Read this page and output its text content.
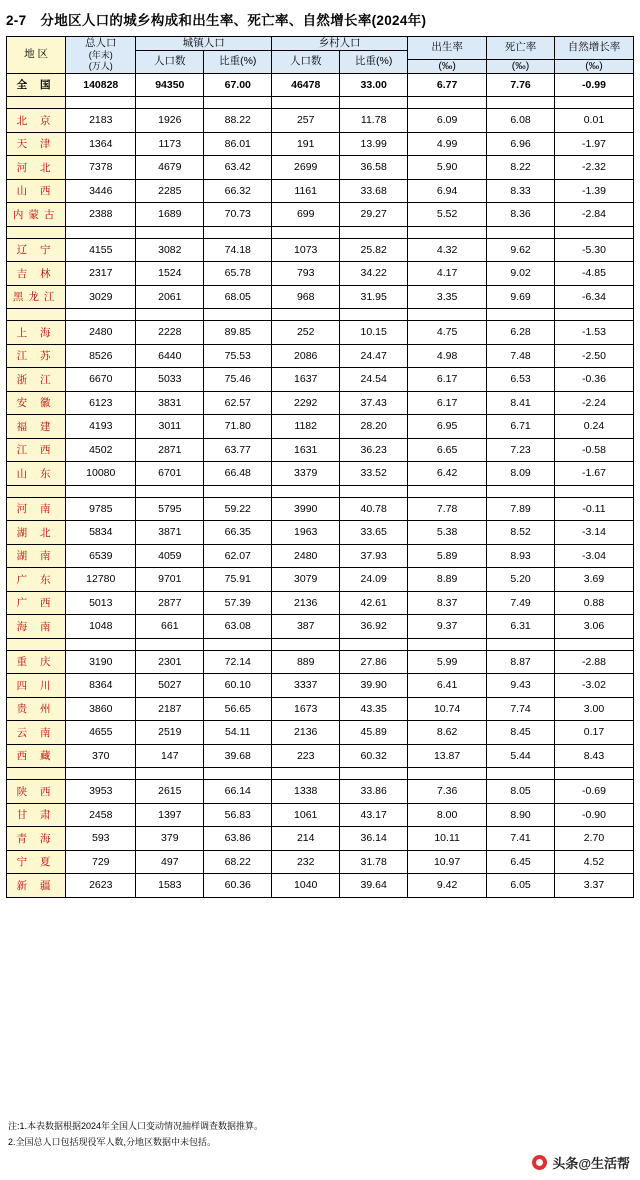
2-7 分地区人口的城乡构成和出生率、死亡率、自然增长率(2024年)
地 区	总人口
(年末)
(万人)	城镇人口		乡村人口		出生率	死亡率	自然增长率
		人口数	比重(%)	人口数	比重(%)			
						(‰)	(‰)	(‰)
全 国	140828	94350	67.00	46478	33.00	6.77	7.76	-0.99

北 京	2183	1926	88.22	257	11.78	6.09	6.08	0.01
天 津	1364	1173	86.01	191	13.99	4.99	6.96	-1.97
河 北	7378	4679	63.42	2699	36.58	5.90	8.22	-2.32
山 西	3446	2285	66.32	1161	33.68	6.94	8.33	-1.39
内蒙古	2388	1689	70.73	699	29.27	5.52	8.36	-2.84

辽 宁	4155	3082	74.18	1073	25.82	4.32	9.62	-5.30
吉 林	2317	1524	65.78	793	34.22	4.17	9.02	-4.85
黑龙江	3029	2061	68.05	968	31.95	3.35	9.69	-6.34

上 海	2480	2228	89.85	252	10.15	4.75	6.28	-1.53
江 苏	8526	6440	75.53	2086	24.47	4.98	7.48	-2.50
浙 江	6670	5033	75.46	1637	24.54	6.17	6.53	-0.36
安 徽	6123	3831	62.57	2292	37.43	6.17	8.41	-2.24
福 建	4193	3011	71.80	1182	28.20	6.95	6.71	0.24
江 西	4502	2871	63.77	1631	36.23	6.65	7.23	-0.58
山 东	10080	6701	66.48	3379	33.52	6.42	8.09	-1.67

河 南	9785	5795	59.22	3990	40.78	7.78	7.89	-0.11
湖 北	5834	3871	66.35	1963	33.65	5.38	8.52	-3.14
湖 南	6539	4059	62.07	2480	37.93	5.89	8.93	-3.04
广 东	12780	9701	75.91	3079	24.09	8.89	5.20	3.69
广 西	5013	2877	57.39	2136	42.61	8.37	7.49	0.88
海 南	1048	661	63.08	387	36.92	9.37	6.31	3.06

重 庆	3190	2301	72.14	889	27.86	5.99	8.87	-2.88
四 川	8364	5027	60.10	3337	39.90	6.41	9.43	-3.02
贵 州	3860	2187	56.65	1673	43.35	10.74	7.74	3.00
云 南	4655	2519	54.11	2136	45.89	8.62	8.45	0.17
西 藏	370	147	39.68	223	60.32	13.87	5.44	8.43

陕 西	3953	2615	66.14	1338	33.86	7.36	8.05	-0.69
甘 肃	2458	1397	56.83	1061	43.17	8.00	8.90	-0.90
青 海	593	379	63.86	214	36.14	10.11	7.41	2.70
宁 夏	729	497	68.22	232	31.78	10.97	6.45	4.52
新 疆	2623	1583	60.36	1040	39.64	9.42	6.05	3.37
注:1.本表数据根据2024年全国人口变动情况抽样调查数据推算。
2.全国总人口包括现役军人数,分地区数据中未包括。
头条@生活帮
